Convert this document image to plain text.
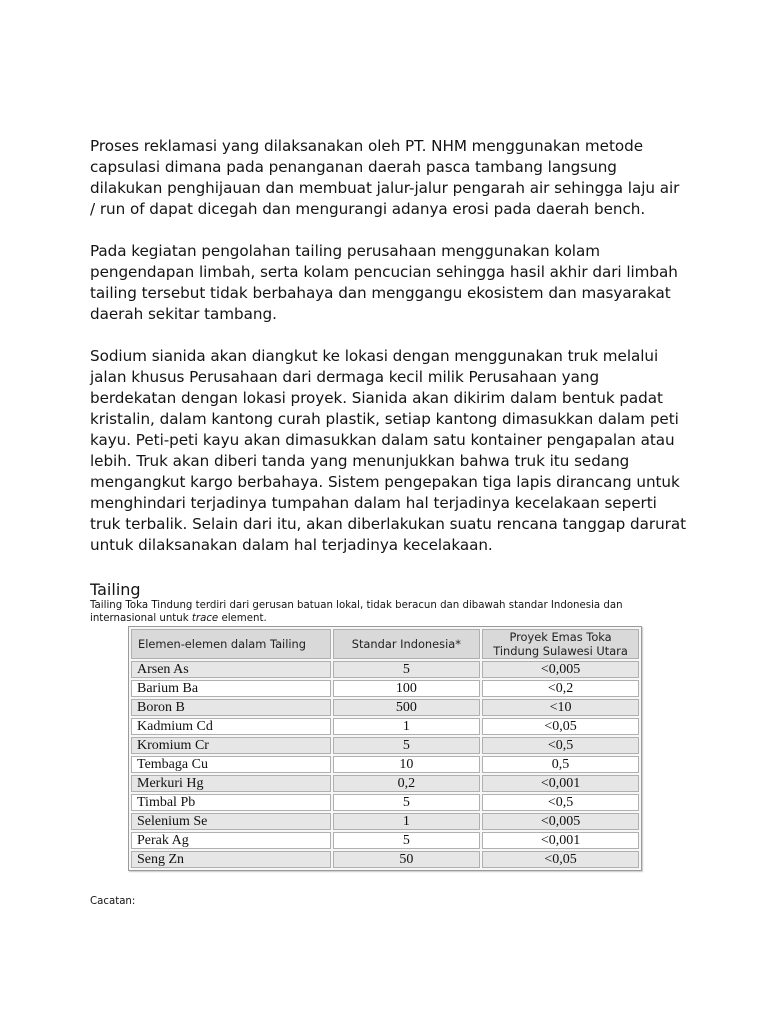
Proses reklamasi yang dilaksanakan oleh PT. NHM menggunakan metode
capsulasi dimana pada penanganan daerah pasca tambang langsung
dilakukan penghijauan dan membuat jalur-jalur pengarah air sehingga laju air
/ run of dapat dicegah dan mengurangi adanya erosi pada daerah bench.

Pada kegiatan pengolahan tailing perusahaan menggunakan kolam
pengendapan limbah, serta kolam pencucian sehingga hasil akhir dari limbah
tailing tersebut tidak berbahaya dan menggangu ekosistem dan masyarakat
daerah sekitar tambang.

Sodium sianida akan diangkut ke lokasi dengan menggunakan truk melalui
jalan khusus Perusahaan dari dermaga kecil milik Perusahaan yang
berdekatan dengan lokasi proyek. Sianida akan dikirim dalam bentuk padat
kristalin, dalam kantong curah plastik, setiap kantong dimasukkan dalam peti
kayu. Peti-peti kayu akan dimasukkan dalam satu kontainer pengapalan atau
lebih. Truk akan diberi tanda yang menunjukkan bahwa truk itu sedang
mengangkut kargo berbahaya. Sistem pengepakan tiga lapis dirancang untuk
menghindari terjadinya tumpahan dalam hal terjadinya kecelakaan seperti
truk terbalik. Selain dari itu, akan diberlakukan suatu rencana tanggap darurat
untuk dilaksanakan dalam hal terjadinya kecelakaan.

Tailing

Tailing Toka Tindung terdiri dari gerusan batuan lokal, tidak beracun dan dibawah standar Indonesia dan internasional untuk trace element.

Elemen-elemen dalam Tailing	Standar Indonesia*	Proyek Emas Toka
Tindung Sulawesi Utara
Arsen As	5	<0,005
Barium Ba	100	<0,2
Boron B	500	<10
Kadmium Cd	1	<0,05
Kromium Cr	5	<0,5
Tembaga Cu	10	0,5
Merkuri Hg	0,2	<0,001
Timbal Pb	5	<0,5
Selenium Se	1	<0,005
Perak Ag	5	<0,001
Seng Zn	50	<0,05

Cacatan:
